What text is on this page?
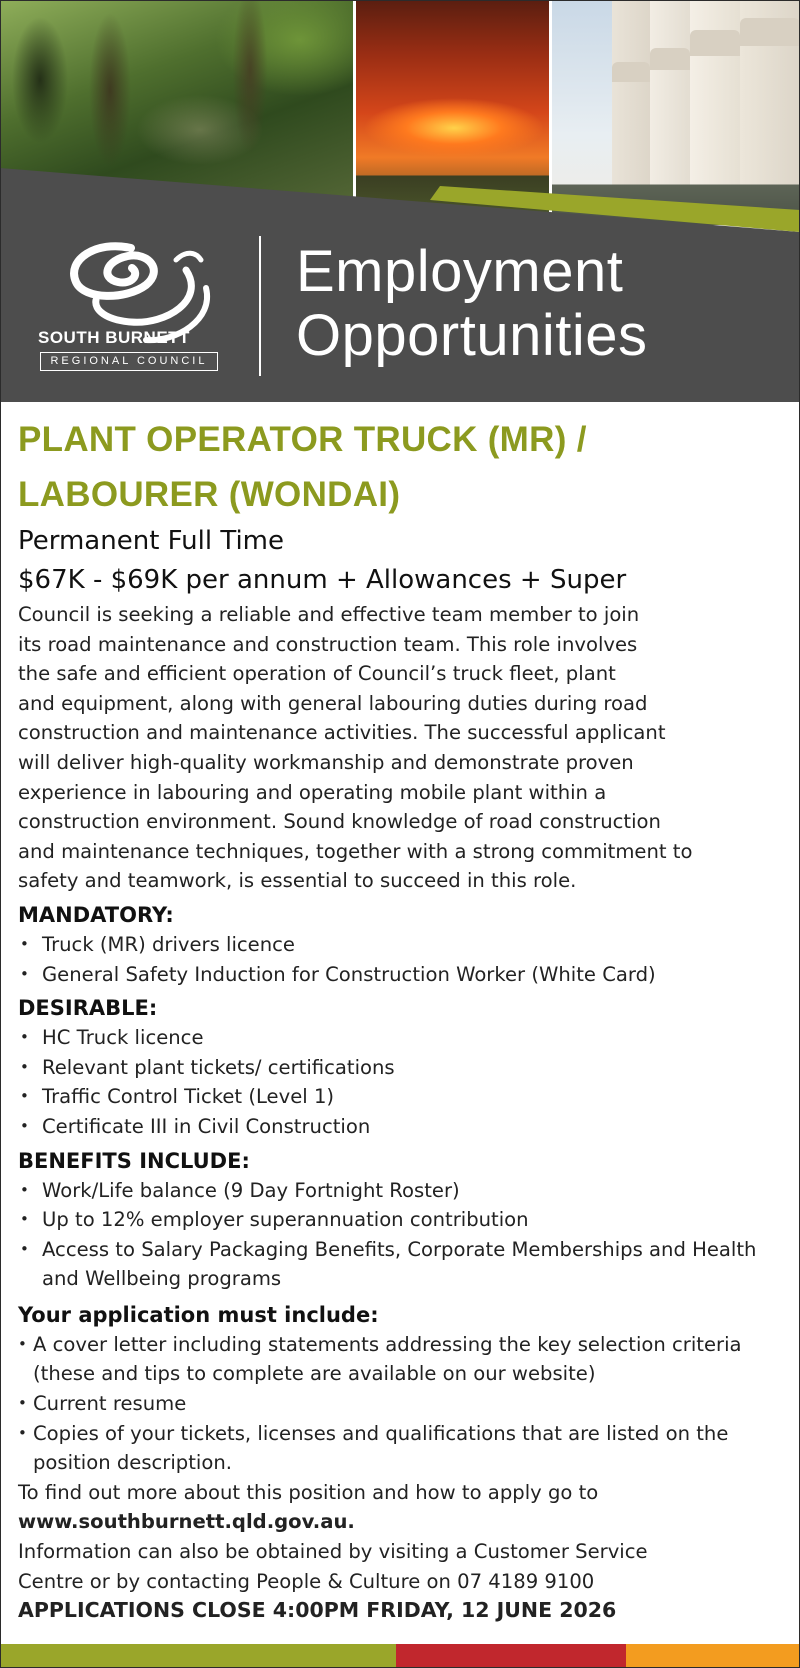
SOUTH BURNETT
REGIONAL COUNCIL
Employment
Opportunities
PLANT OPERATOR TRUCK (MR) /
LABOURER (WONDAI)

Permanent Full Time

$67K - $69K per annum + Allowances + Super

Council is seeking a reliable and effective team member to join
its road maintenance and construction team. This role involves
the safe and efficient operation of Council’s truck fleet, plant
and equipment, along with general labouring duties during road
construction and maintenance activities. The successful applicant
will deliver high-quality workmanship and demonstrate proven
experience in labouring and operating mobile plant within a
construction environment. Sound knowledge of road construction
and maintenance techniques, together with a strong commitment to
safety and teamwork, is essential to succeed in this role.
MANDATORY:
• Truck (MR) drivers licence
• General Safety Induction for Construction Worker (White Card)
DESIRABLE:
• HC Truck licence
• Relevant plant tickets/ certifications
• Traffic Control Ticket (Level 1)
• Certificate III in Civil Construction
BENEFITS INCLUDE:
• Work/Life balance (9 Day Fortnight Roster)
• Up to 12% employer superannuation contribution
• Access to Salary Packaging Benefits, Corporate Memberships and Health and Wellbeing programs
Your application must include:
• A cover letter including statements addressing the key selection criteria (these and tips to complete are available on our website)
• Current resume
• Copies of your tickets, licenses and qualifications that are listed on the position description.
To find out more about this position and how to apply go to
www.southburnett.qld.gov.au.
Information can also be obtained by visiting a Customer Service
Centre or by contacting People & Culture on 07 4189 9100
APPLICATIONS CLOSE 4:00PM FRIDAY, 12 JUNE 2026
